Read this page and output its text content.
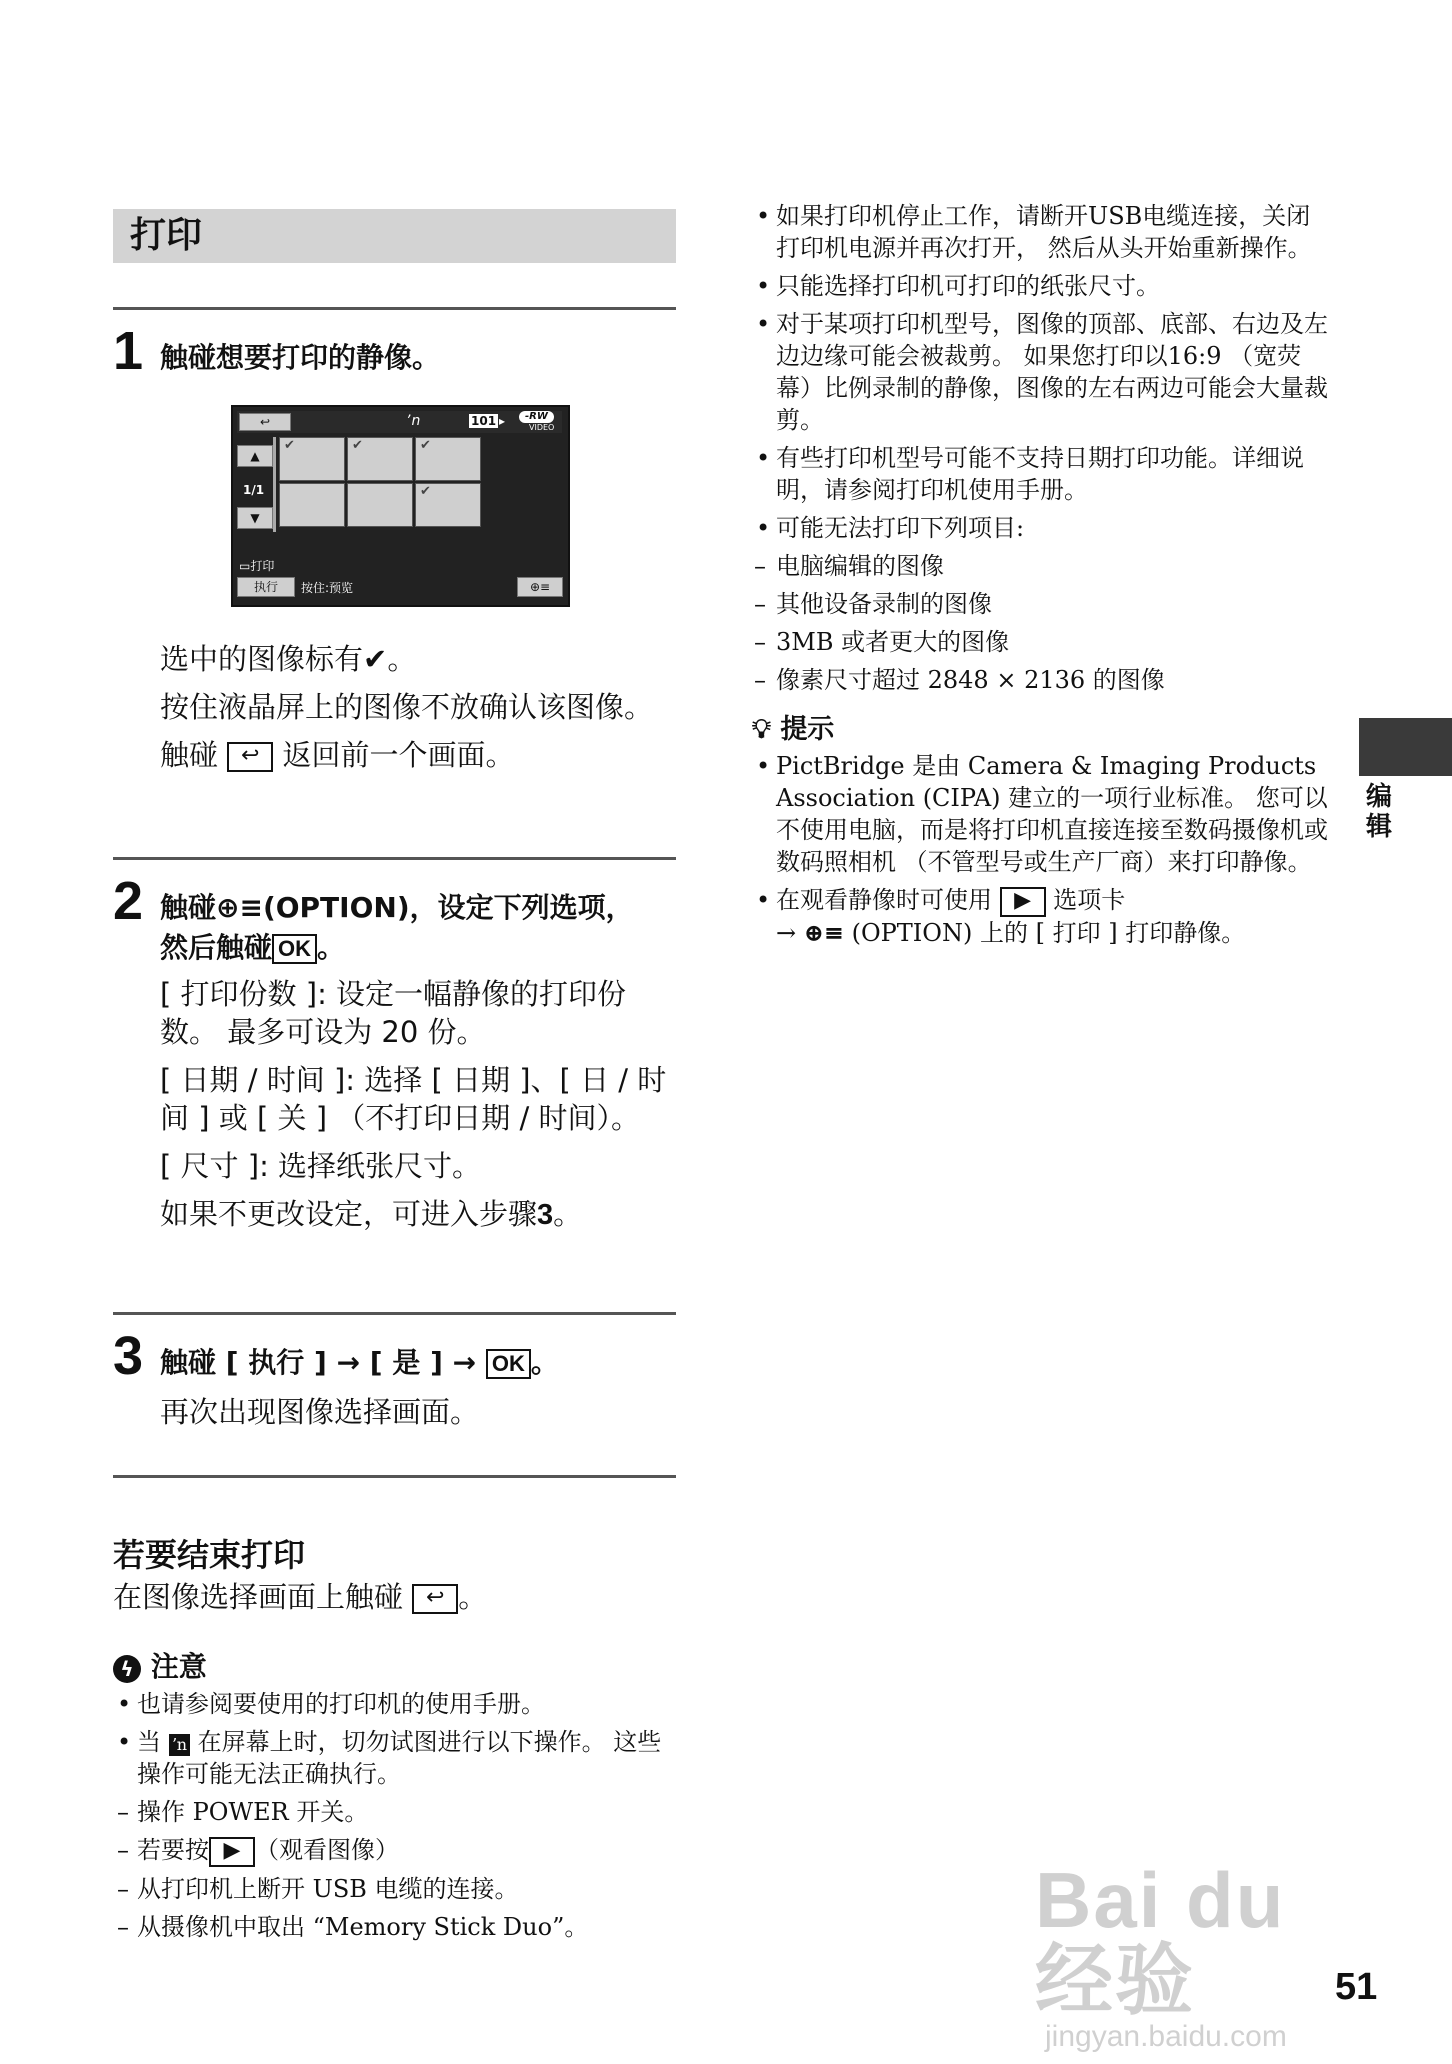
打印
1 触碰想要打印的静像。
↩	ʼn	101 ▸	-RW
VIDEO
▲
1/1
▼
✔	✔	✔
✔
▭打印
执行	按住:预览	⊕≡

选中的图像标有✔。

按住液晶屏上的图像不放确认该图像。

触碰 ↩ 返回前一个画面。

2 触碰⊕≡(OPTION)，设定下列选项，
然后触碰 OK 。

[ 打印份数 ]: 设定一幅静像的打印份数。 最多可设为 20 份。

[ 日期 / 时间 ]: 选择 [ 日期 ]、[ 日 / 时间 ] 或 [ 关 ] （不打印日期 / 时间）。

[ 尺寸 ]: 选择纸张尺寸。

如果不更改设定，可进入步骤3。

3 触碰 [ 执行 ] → [ 是 ] → OK 。
再次出现图像选择画面。
若要结束打印
在图像选择画面上触碰 ↩ 。
ϟ 注意
• 也请参阅要使用的打印机的使用手册。
• 当 ʼn 在屏幕上时，切勿试图进行以下操作。 这些操作可能无法正确执行。
– 操作 POWER 开关。
– 若要按 ▶ （观看图像）
– 从打印机上断开 USB 电缆的连接。
– 从摄像机中取出 “Memory Stick Duo”。
• 如果打印机停止工作，请断开USB电缆连接，关闭打印机电源并再次打开， 然后从头开始重新操作。
• 只能选择打印机可打印的纸张尺寸。
• 对于某项打印机型号，图像的顶部、底部、右边及左边边缘可能会被裁剪。 如果您打印以16:9 （宽荧幕）比例录制的静像，图像的左右两边可能会大量裁剪。
• 有些打印机型号可能不支持日期打印功能。详细说明，请参阅打印机使用手册。
• 可能无法打印下列项目:
– 电脑编辑的图像
– 其他设备录制的图像
– 3MB 或者更大的图像
– 像素尺寸超过 2848 × 2136 的图像
💡︎ 提示
• PictBridge 是由 Camera & Imaging Products Association (CIPA) 建立的一项行业标准。 您可以不使用电脑，而是将打印机直接连接至数码摄像机或数码照相机 （不管型号或生产厂商）来打印静像。
• 在观看静像时可使用 ▶ 选项卡
→ ⊕≡ (OPTION) 上的 [ 打印 ] 打印静像。
编辑
Bai du 经验
jingyan.baidu.com
51
